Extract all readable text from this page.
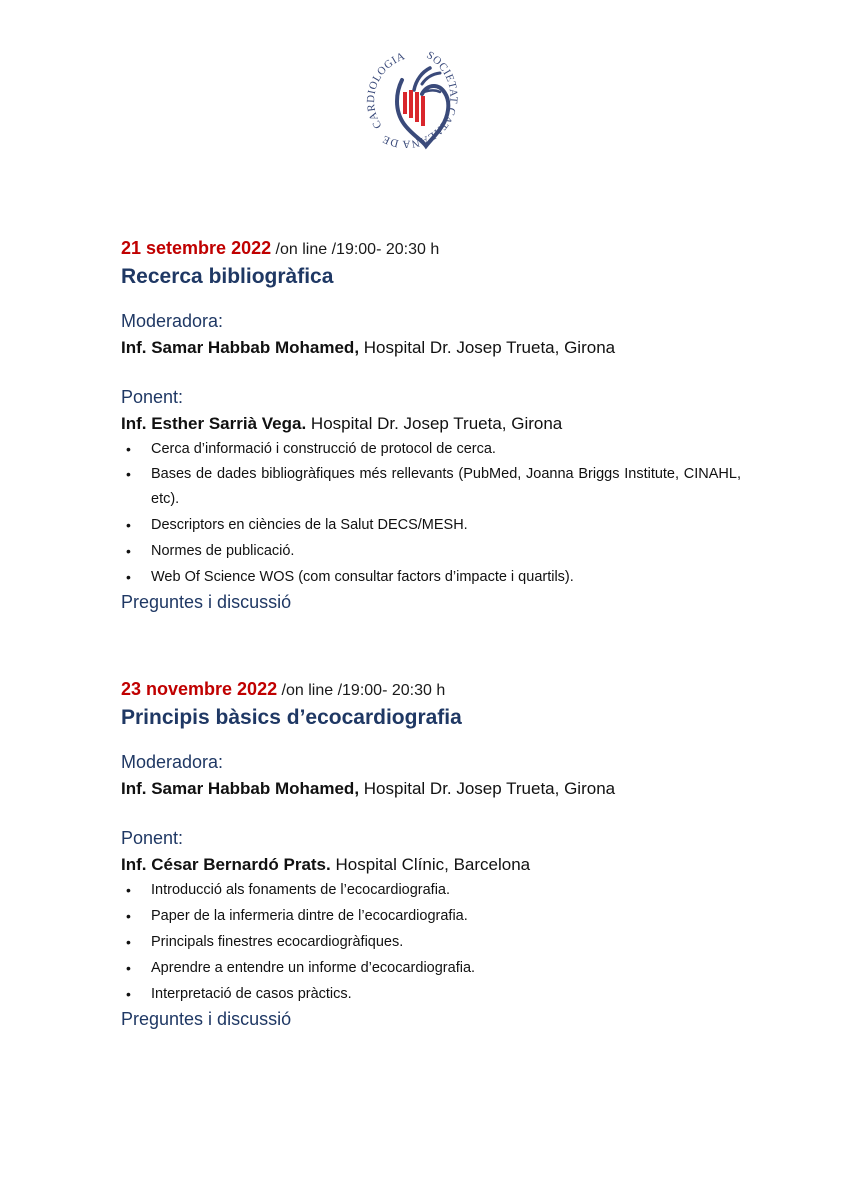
CARDIOLOGIA	SOCIETAT CATALANA DE
21 setembre 2022 /on line /19:00- 20:30 h
Recerca bibliogràfica
Moderadora:
Inf. Samar Habbab Mohamed, Hospital Dr. Josep Trueta, Girona
Ponent:
Inf. Esther Sarrià Vega. Hospital Dr. Josep Trueta, Girona
• Cerca d’informació i construcció de protocol de cerca.
• Bases de dades bibliogràfiques més rellevants (PubMed, Joanna Briggs Institute, CINAHL, etc).
• Descriptors en ciències de la Salut DECS/MESH.
• Normes de publicació.
• Web Of Science WOS (com consultar factors d’impacte i quartils).
Preguntes i discussió
23 novembre 2022 /on line /19:00- 20:30 h
Principis bàsics d’ecocardiografia
Moderadora:
Inf. Samar Habbab Mohamed, Hospital Dr. Josep Trueta, Girona
Ponent:
Inf. César Bernardó Prats. Hospital Clínic, Barcelona
• Introducció als fonaments de l’ecocardiografia.
• Paper de la infermeria dintre de l’ecocardiografia.
• Principals finestres ecocardiogràfiques.
• Aprendre a entendre un informe d’ecocardiografia.
• Interpretació de casos pràctics.
Preguntes i discussió
